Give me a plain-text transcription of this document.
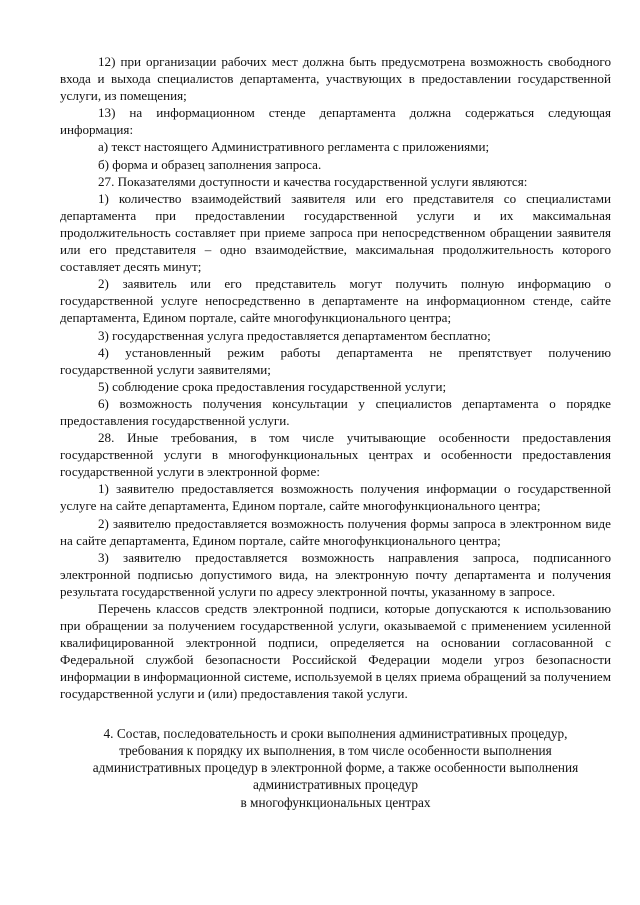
12) при организации рабочих мест должна быть предусмотрена возможность свободного входа и выхода специалистов департамента, участвующих в предоставлении государственной услуги, из помещения;

13) на информационном стенде департамента должна содержаться следующая информация:

а) текст настоящего Административного регламента с приложениями;

б) форма и образец заполнения запроса.

27. Показателями доступности и качества государственной услуги являются:

1) количество взаимодействий заявителя или его представителя со специалистами департамента при предоставлении государственной услуги и их максимальная продолжительность составляет при приеме запроса при непосредственном обращении заявителя или его представителя – одно взаимодействие, максимальная продолжительность которого составляет десять минут;

2) заявитель или его представитель могут получить полную информацию о государственной услуге непосредственно в департаменте на информационном стенде, сайте департамента, Едином портале, сайте многофункционального центра;

3) государственная услуга предоставляется департаментом бесплатно;

4) установленный режим работы департамента не препятствует получению государственной услуги заявителями;

5) соблюдение срока предоставления государственной услуги;

6) возможность получения консультации у специалистов департамента о порядке предоставления государственной услуги.

28. Иные требования, в том числе учитывающие особенности предоставления государственной услуги в многофункциональных центрах и особенности предоставления государственной услуги в электронной форме:

1) заявителю предоставляется возможность получения информации о государственной услуге на сайте департамента, Едином портале, сайте многофункционального центра;

2) заявителю предоставляется возможность получения формы запроса в электронном виде на сайте департамента, Едином портале, сайте многофункционального центра;

3) заявителю предоставляется возможность направления запроса, подписанного электронной подписью допустимого вида, на электронную почту департамента и получения результата государственной услуги по адресу электронной почты, указанному в запросе.

Перечень классов средств электронной подписи, которые допускаются к использованию при обращении за получением государственной услуги, оказываемой с применением усиленной квалифицированной электронной подписи, определяется на основании согласованной с Федеральной службой безопасности Российской Федерации модели угроз безопасности информации в информационной системе, используемой в целях приема обращений за получением государственной услуги и (или) предоставления такой услуги.

4. Состав, последовательность и сроки выполнения административных процедур,
требования к порядку их выполнения, в том числе особенности выполнения
административных процедур в электронной форме, а также особенности выполнения
административных процедур
в многофункциональных центрах
